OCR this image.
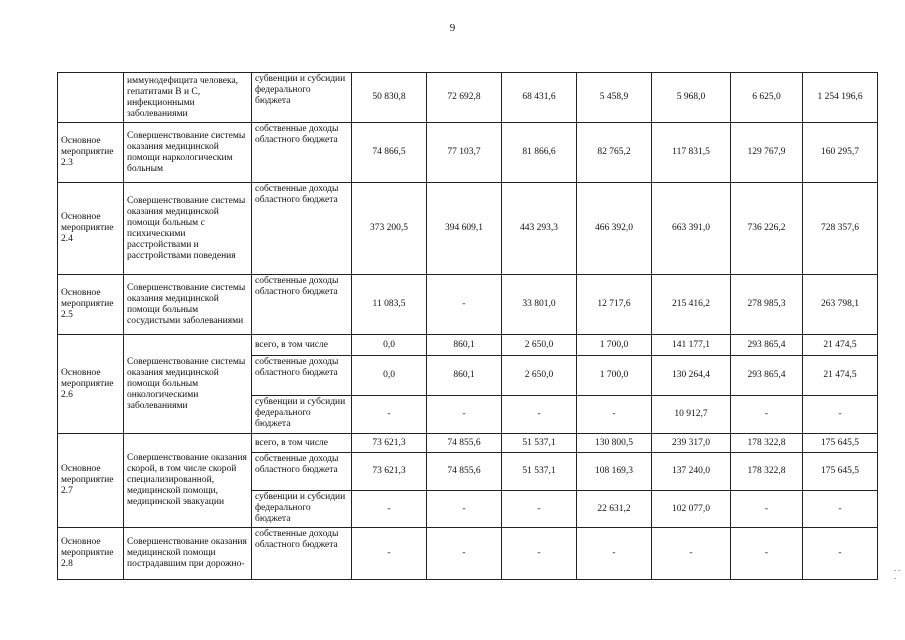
9
	иммунодефицита человека, гепатитами В и С, инфекционными заболеваниями	субвенции и субсидии федерального бюджета	50 830,8	72 692,8	68 431,6	5 458,9	5 968,0	6 625,0	1 254 196,6
Основное мероприятие 2.3	Совершенствование системы оказания медицинской помощи наркологическим больным	собственные доходы областного бюджета	74 866,5	77 103,7	81 866,6	82 765,2	117 831,5	129 767,9	160 295,7
Основное мероприятие 2.4	Совершенствование системы оказания медицинской помощи больным с психическими расстройствами и расстройствами поведения	собственные доходы областного бюджета	373 200,5	394 609,1	443 293,3	466 392,0	663 391,0	736 226,2	728 357,6
Основное мероприятие 2.5	Совершенствование системы оказания медицинской помощи больным сосудистыми заболеваниями	собственные доходы областного бюджета	11 083,5	-	33 801,0	12 717,6	215 416,2	278 985,3	263 798,1
Основное мероприятие 2.6	Совершенствование системы оказания медицинской помощи больным онкологическими заболеваниями	всего, в том числе	0,0	860,1	2 650,0	1 700,0	141 177,1	293 865,4	21 474,5
		собственные доходы областного бюджета	0,0	860,1	2 650,0	1 700,0	130 264,4	293 865,4	21 474,5
		субвенции и субсидии федерального бюджета	-	-	-	-	10 912,7	-	-
Основное мероприятие 2.7	Совершенствование оказания скорой, в том числе скорой специализированной, медицинской помощи, медицинской эвакуации	всего, в том числе	73 621,3	74 855,6	51 537,1	130 800,5	239 317,0	178 322,8	175 645,5
		собственные доходы областного бюджета	73 621,3	74 855,6	51 537,1	108 169,3	137 240,0	178 322,8	175 645,5
		субвенции и субсидии федерального бюджета	-	-	-	22 631,2	102 077,0	-	-
Основное мероприятие 2.8	Совершенствование оказания медицинской помощи пострадавшим при дорожно-	собственные доходы областного бюджета	-	-	-	-	-	-	-
- - -
